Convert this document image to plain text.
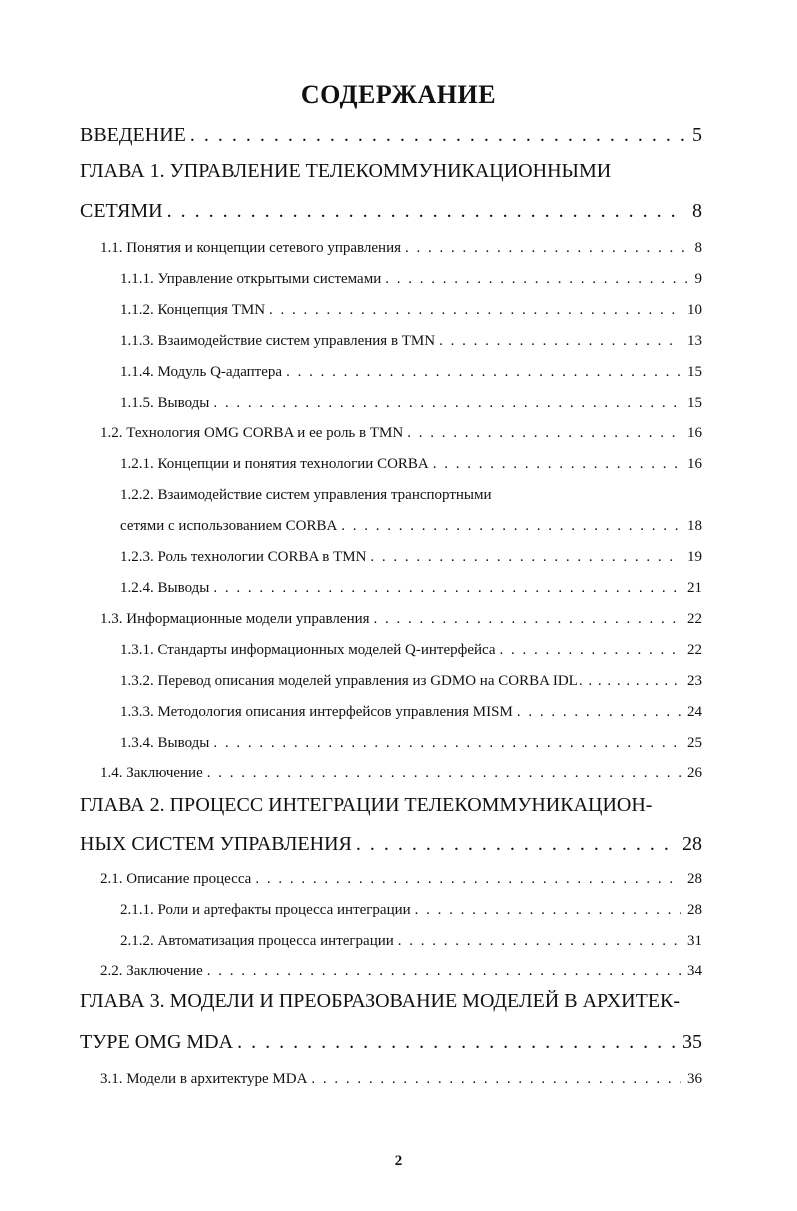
СОДЕРЖАНИЕ
ВВЕДЕНИЕ . . .	5
ГЛАВА 1. УПРАВЛЕНИЕ ТЕЛЕКОММУНИКАЦИОННЫМИ
СЕТЯМИ . . .	8
1.1. Понятия и концепции сетевого управления . . .	8
1.1.1. Управление открытыми системами . . .	9
1.1.2. Концепция TMN . . .	10
1.1.3. Взаимодействие систем управления в TMN . . .	13
1.1.4. Модуль Q-адаптера . . .	15
1.1.5. Выводы . . .	15
1.2. Технология OMG CORBA и ее роль в TMN . . .	16
1.2.1. Концепции и понятия технологии CORBA . . .	16
1.2.2. Взаимодействие систем управления транспортными
сетями с использованием CORBA . . .	18
1.2.3. Роль технологии CORBA в TMN . . .	19
1.2.4. Выводы . . .	21
1.3. Информационные модели управления . . .	22
1.3.1. Стандарты информационных моделей Q-интерфейса . . .	22
1.3.2. Перевод описания моделей управления из GDMO на CORBA IDL . . .	23
1.3.3. Методология описания интерфейсов управления MISM . . .	24
1.3.4. Выводы . . .	25
1.4. Заключение . . .	26
ГЛАВА 2. ПРОЦЕСС ИНТЕГРАЦИИ ТЕЛЕКОММУНИКАЦИОН-
НЫХ СИСТЕМ УПРАВЛЕНИЯ . . .	28
2.1. Описание процесса . . .	28
2.1.1. Роли и артефакты процесса интеграции . . .	28
2.1.2. Автоматизация процесса интеграции . . .	31
2.2. Заключение . . .	34
ГЛАВА 3. МОДЕЛИ И ПРЕОБРАЗОВАНИЕ МОДЕЛЕЙ В АРХИТЕК-
ТУРЕ OMG MDA . . .	35
3.1. Модели в архитектуре MDA . . .	36
2
